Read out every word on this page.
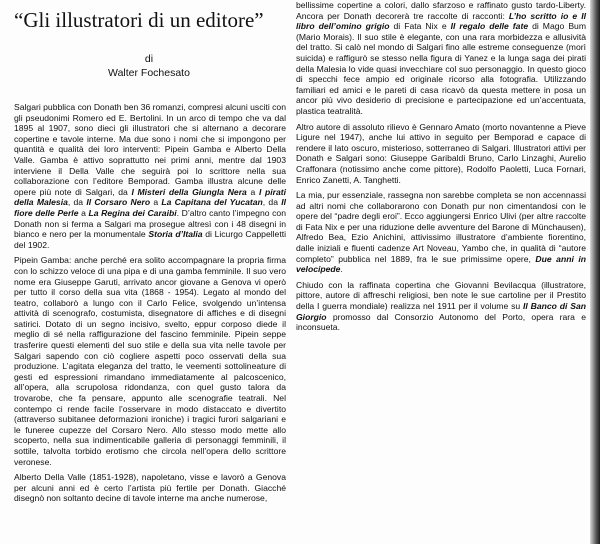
“Gli illustratori di un editore”
di
Walter Fochesato

Salgari pubblica con Donath ben 36 romanzi, compresi alcuni usciti con gli pseudonimi Romero ed E. Bertolini. In un arco di tempo che va dal 1895 al 1907, sono dieci gli illustratori che si alternano a decorare copertine e tavole interne. Ma due sono i nomi che si impongono per quantità e qualità dei loro interventi: Pipein Gamba e Alberto Della Valle. Gamba è attivo soprattutto nei primi anni, mentre dal 1903 interviene il Della Valle che seguirà poi lo scrittore nella sua collaborazione con l’editore Bemporad. Gamba illustra alcune delle opere più note di Salgari, da I Misteri della Giungla Nera a I pirati della Malesia, da Il Corsaro Nero a La Capitana del Yucatan, da Il fiore delle Perle a La Regina dei Caraibi. D’altro canto l’impegno con Donath non si ferma a Salgari ma prosegue altresì con i 48 disegni in bianco e nero per la monumentale Storia d’Italia di Licurgo Cappelletti del 1902.

Pipein Gamba: anche perché era solito accompagnare la propria firma con lo schizzo veloce di una pipa e di una gamba femminile. Il suo vero nome era Giuseppe Garuti, arrivato ancor giovane a Genova vi operò per tutto il corso della sua vita (1868 - 1954). Legato al mondo del teatro, collaborò a lungo con il Carlo Felice, svolgendo un’intensa attività di scenografo, costumista, disegnatore di affiches e di disegni satirici. Dotato di un segno incisivo, svelto, eppur corposo diede il meglio di sé nella raffigurazione del fascino femminile. Pipein seppe trasferire questi elementi del suo stile e della sua vita nelle tavole per Salgari sapendo con ciò cogliere aspetti poco osservati della sua produzione. L’agitata eleganza del tratto, le veementi sottolineature di gesti ed espressioni rimandano immediatamente al palcoscenico, all’opera, alla scrupolosa ridondanza, con quel gusto talora da trovarobe, che fa pensare, appunto alle scenografie teatrali. Nel contempo ci rende facile l’osservare in modo distaccato e divertito (attraverso subitanee deformazioni ironiche) i tragici furori salgariani e le funeree cupezze del Corsaro Nero. Allo stesso modo mette allo scoperto, nella sua indimenticabile galleria di personaggi femminili, il sottile, talvolta torbido erotismo che circola nell’opera dello scrittore veronese.

Alberto Della Valle (1851-1928), napoletano, visse e lavorò a Genova per alcuni anni ed è certo l’artista più fertile per Donath. Giacché disegnò non soltanto decine di tavole interne ma anche numerose,

bellissime copertine a colori, dallo sfarzoso e raffinato gusto tardo-Liberty. Ancora per Donath decorerà tre raccolte di racconti: L’ho scritto io e Il libro dell’omino grigio di Fata Nix e Il regalo delle fate di Mago Bum (Mario Morais). Il suo stile è elegante, con una rara morbidezza e allusività del tratto. Si calò nel mondo di Salgari fino alle estreme conseguenze (morì suicida) e raffigurò se stesso nella figura di Yanez e la lunga saga dei pirati della Malesia lo vide quasi invecchiare col suo personaggio. In questo gioco di specchi fece ampio ed originale ricorso alla fotografia. Utilizzando familiari ed amici e le pareti di casa ricavò da questa mettere in posa un ancor più vivo desiderio di precisione e partecipazione ed un’accentuata, plastica teatralità.

Altro autore di assoluto rilievo è Gennaro Amato (morto novantenne a Pieve Ligure nel 1947), anche lui attivo in seguito per Bemporad e capace di rendere il lato oscuro, misterioso, sotterraneo di Salgari. Illustratori attivi per Donath e Salgari sono: Giuseppe Garibaldi Bruno, Carlo Linzaghi, Aurelio Craffonara (notissimo anche come pittore), Rodolfo Paoletti, Luca Fornari, Enrico Zanetti, A. Tanghetti.

La mia, pur essenziale, rassegna non sarebbe completa se non accennassi ad altri nomi che collaborarono con Donath pur non cimentandosi con le opere del “padre degli eroi”. Ecco aggiungersi Enrico Ulivi (per altre raccolte di Fata Nix e per una riduzione delle avventure del Barone di Münchausen), Alfredo Bea, Ezio Anichini, attivissimo illustratore d’ambiente fiorentino, dalle iniziali e fluenti cadenze Art Noveau, Yambo che, in qualità di “autore completo” pubblica nel 1889, fra le sue primissime opere, Due anni in velocipede.

Chiudo con la raffinata copertina che Giovanni Bevilacqua (illustratore, pittore, autore di affreschi religiosi, ben note le sue cartoline per il Prestito della I guerra mondiale) realizza nel 1911 per il volume su Il Banco di San Giorgio promosso dal Consorzio Autonomo del Porto, opera rara e inconsueta.
